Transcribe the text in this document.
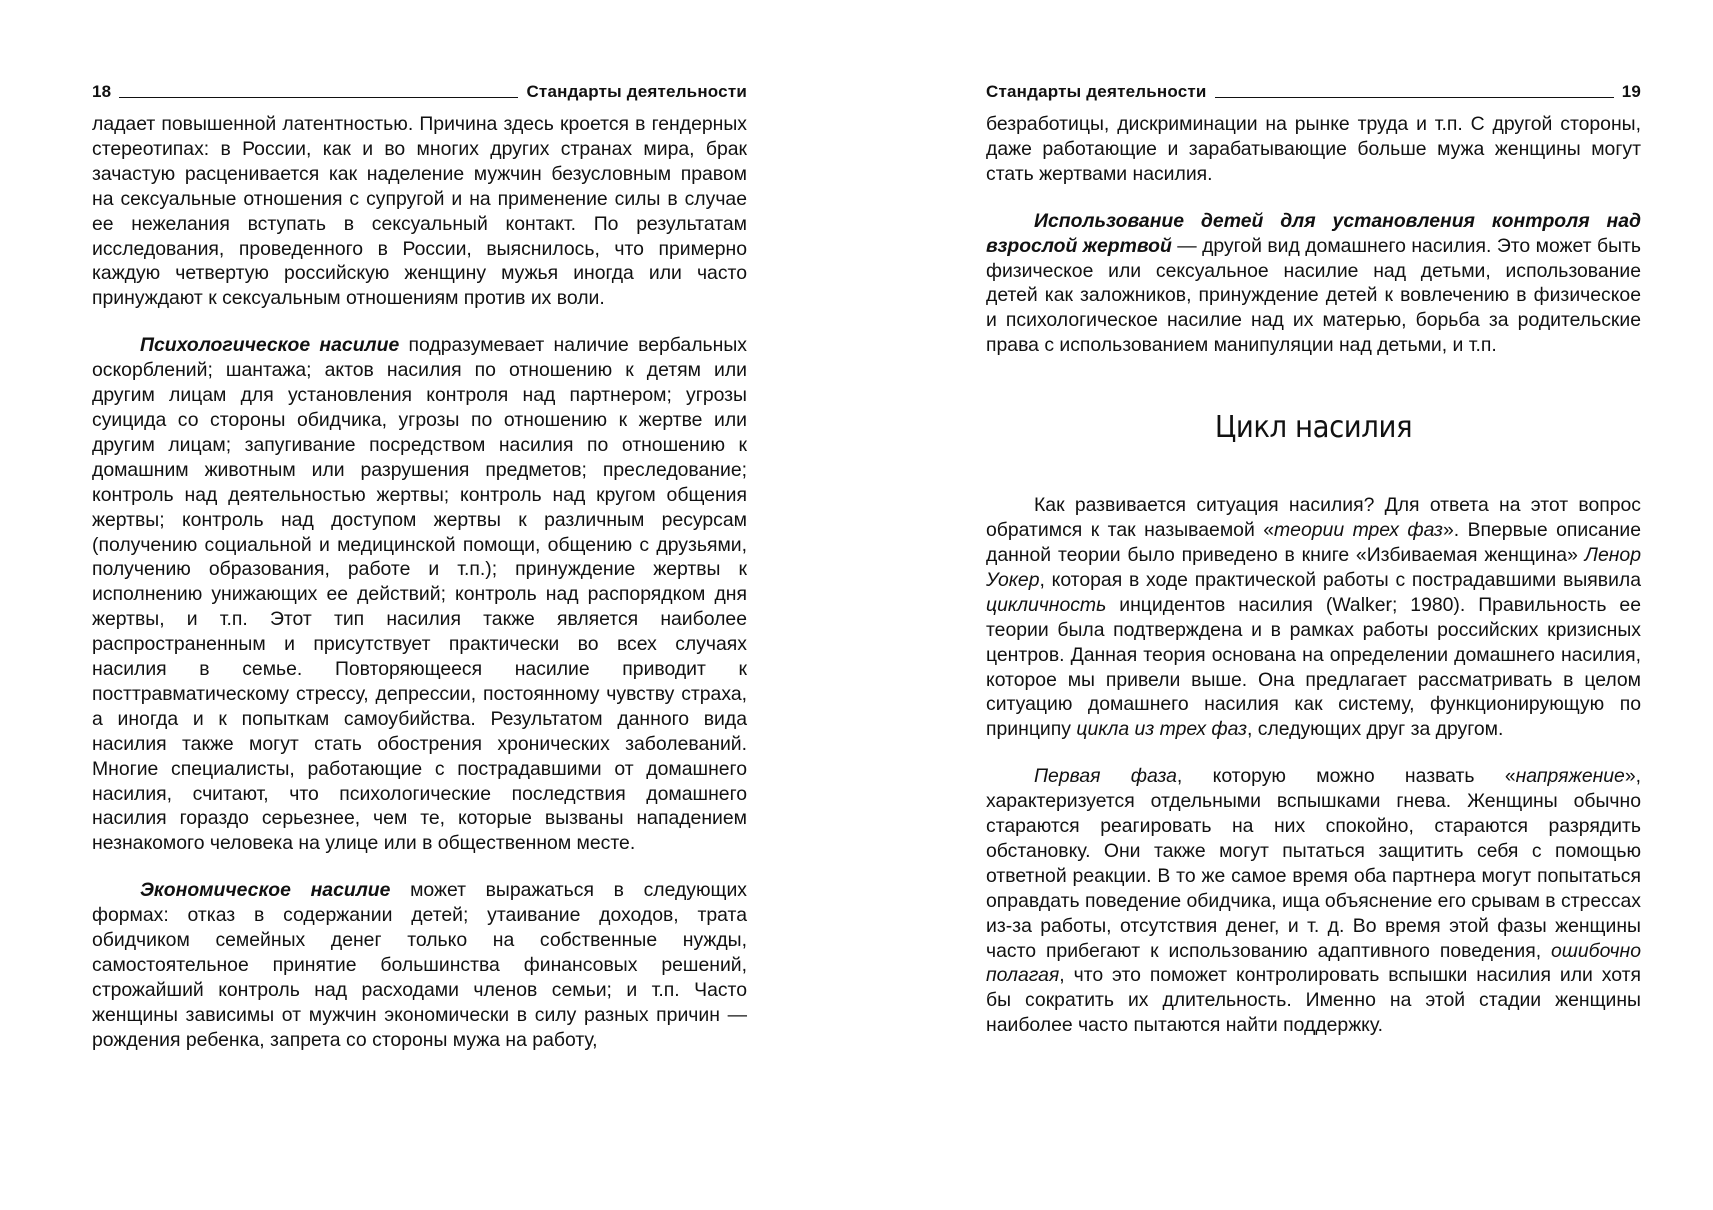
18	Стандарты деятельности

ладает повышенной латентностью. Причина здесь кроется в гендерных стереотипах: в России, как и во многих других странах мира, брак зачастую расценивается как наделение мужчин безусловным правом на сексуальные отношения с супругой и на применение силы в случае ее нежелания вступать в сексуальный контакт. По результатам исследования, проведенного в России, выяснилось, что примерно каждую четвертую российскую женщину мужья иногда или часто принуждают к сексуальным отношениям против их воли.

Психологическое насилие подразумевает наличие вербальных оскорблений; шантажа; актов насилия по отношению к детям или другим лицам для установления контроля над партнером; угрозы суицида со стороны обидчика, угрозы по отношению к жертве или другим лицам; запугивание посредством насилия по отношению к домашним животным или разрушения предметов; преследование; контроль над деятельностью жертвы; контроль над кругом общения жертвы; контроль над доступом жертвы к различным ресурсам (получению социальной и медицинской помощи, общению с друзьями, получению образования, работе и т.п.); принуждение жертвы к исполнению унижающих ее действий; контроль над распорядком дня жертвы, и т.п. Этот тип насилия также является наиболее распространенным и присутствует практически во всех случаях насилия в семье. Повторяющееся насилие приводит к посттравматическому стрессу, депрессии, постоянному чувству страха, а иногда и к попыткам самоубийства. Результатом данного вида насилия также могут стать обострения хронических заболеваний. Многие специалисты, работающие с пострадавшими от домашнего насилия, считают, что психологические последствия домашнего насилия гораздо серьезнее, чем те, которые вызваны нападением незнакомого человека на улице или в общественном месте.

Экономическое насилие может выражаться в следующих формах: отказ в содержании детей; утаивание доходов, трата обидчиком семейных денег только на собственные нужды, самостоятельное принятие большинства финансовых решений, строжайший контроль над расходами членов семьи; и т.п. Часто женщины зависимы от мужчин экономически в силу разных причин — рождения ребенка, запрета со стороны мужа на работу,

Стандарты деятельности	19

безработицы, дискриминации на рынке труда и т.п. С другой стороны, даже работающие и зарабатывающие больше мужа женщины могут стать жертвами насилия.

Использование детей для установления контроля над взрослой жертвой — другой вид домашнего насилия. Это может быть физическое или сексуальное насилие над детьми, использование детей как заложников, принуждение детей к вовлечению в физическое и психологическое насилие над их матерью, борьба за родительские права с использованием манипуляции над детьми, и т.п.

Цикл насилия

Как развивается ситуация насилия? Для ответа на этот вопрос обратимся к так называемой «теории трех фаз». Впервые описание данной теории было приведено в книге «Избиваемая женщина» Ленор Уокер, которая в ходе практической работы с пострадавшими выявила цикличность инцидентов насилия (Walker; 1980). Правильность ее теории была подтверждена и в рамках работы российских кризисных центров. Данная теория основана на определении домашнего насилия, которое мы привели выше. Она предлагает рассматривать в целом ситуацию домашнего насилия как систему, функционирующую по принципу цикла из трех фаз, следующих друг за другом.

Первая фаза, которую можно назвать «напряжение», характеризуется отдельными вспышками гнева. Женщины обычно стараются реагировать на них спокойно, стараются разрядить обстановку. Они также могут пытаться защитить себя с помощью ответной реакции. В то же самое время оба партнера могут попытаться оправдать поведение обидчика, ища объяснение его срывам в стрессах из-за работы, отсутствия денег, и т. д. Во время этой фазы женщины часто прибегают к использованию адаптивного поведения, ошибочно полагая, что это поможет контролировать вспышки насилия или хотя бы сократить их длительность. Именно на этой стадии женщины наиболее часто пытаются найти поддержку.
